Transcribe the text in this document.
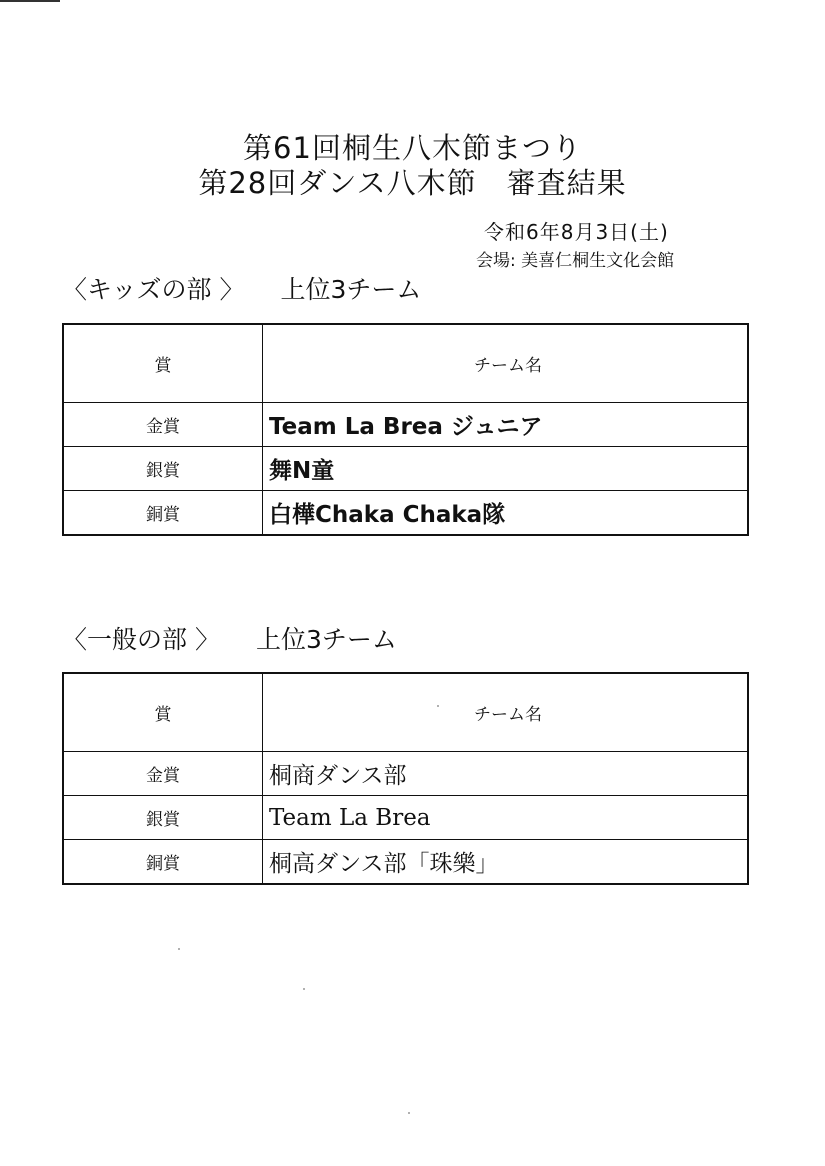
第61回桐生八木節まつり
第28回ダンス八木節　審査結果
令和6年8月3日(土)
会場: 美喜仁桐生文化会館
〈キッズの部 〉 上位3チーム
賞	チーム名
金賞	Team La Brea ジュニア
銀賞	舞N童
銅賞	白樺Chaka Chaka隊
〈一般の部 〉 上位3チーム
賞	チーム名
金賞	桐商ダンス部
銀賞	Team La Brea
銅賞	桐高ダンス部「珠樂」
